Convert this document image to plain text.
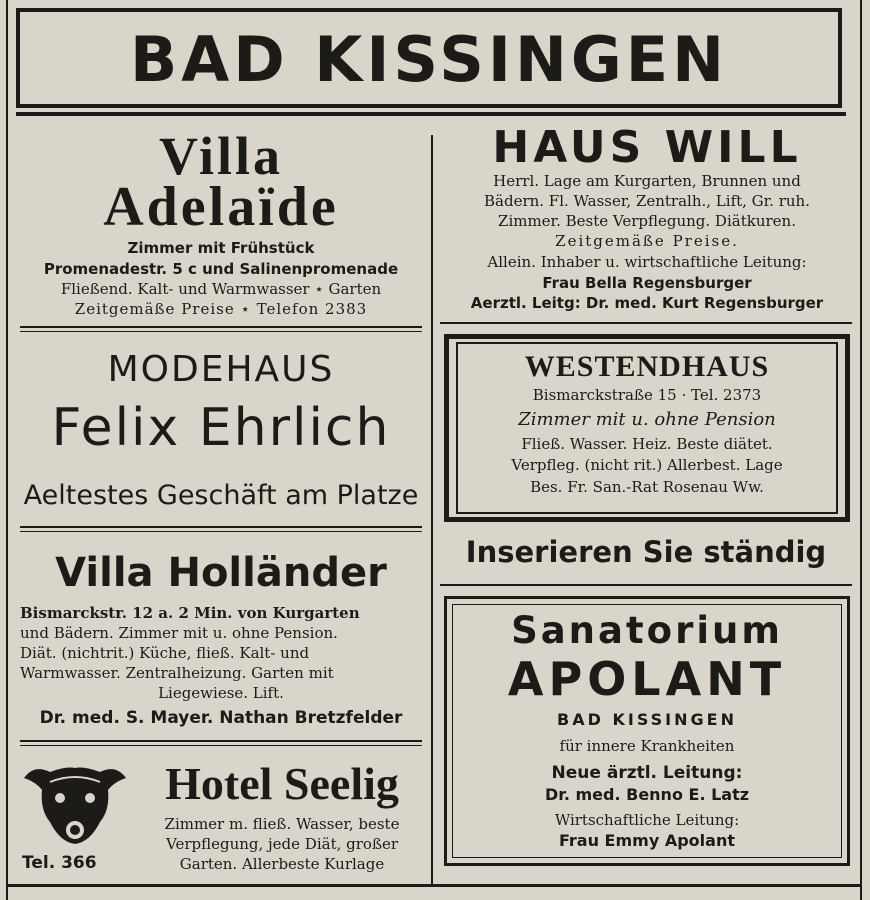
BAD KISSINGEN
Villa
Adelaïde
Zimmer mit Frühstück
Promenadestr. 5 c und Salinenpromenade
Fließend. Kalt- und Warmwasser ⋆ Garten
Zeitgemäße Preise ⋆ Telefon 2383
MODEHAUS
Felix Ehrlich
Aeltestes Geschäft am Platze
Villa Holländer
Bismarckstr. 12 a. 2 Min. von Kurgarten
und Bädern. Zimmer mit u. ohne Pension.
Diät. (nichtrit.) Küche, fließ. Kalt- und
Warmwasser. Zentralheizung. Garten mit
Liegewiese. Lift.
Dr. med. S. Mayer. Nathan Bretzfelder
Tel. 366
Hotel Seelig
Zimmer m. fließ. Wasser, beste
Verpflegung, jede Diät, großer
Garten. Allerbeste Kurlage
HAUS WILL
Herrl. Lage am Kurgarten, Brunnen und
Bädern. Fl. Wasser, Zentralh., Lift, Gr. ruh.
Zimmer. Beste Verpflegung. Diätkuren.
Zeitgemäße Preise.
Allein. Inhaber u. wirtschaftliche Leitung:
Frau Bella Regensburger
Aerztl. Leitg: Dr. med. Kurt Regensburger
WESTENDHAUS
Bismarckstraße 15 · Tel. 2373
Zimmer mit u. ohne Pension
Fließ. Wasser. Heiz. Beste diätet.
Verpfleg. (nicht rit.) Allerbest. Lage
Bes. Fr. San.-Rat Rosenau Ww.
Inserieren Sie ständig
Sanatorium
APOLANT
BAD KISSINGEN
für innere Krankheiten
Neue ärztl. Leitung:
Dr. med. Benno E. Latz
Wirtschaftliche Leitung:
Frau Emmy Apolant
